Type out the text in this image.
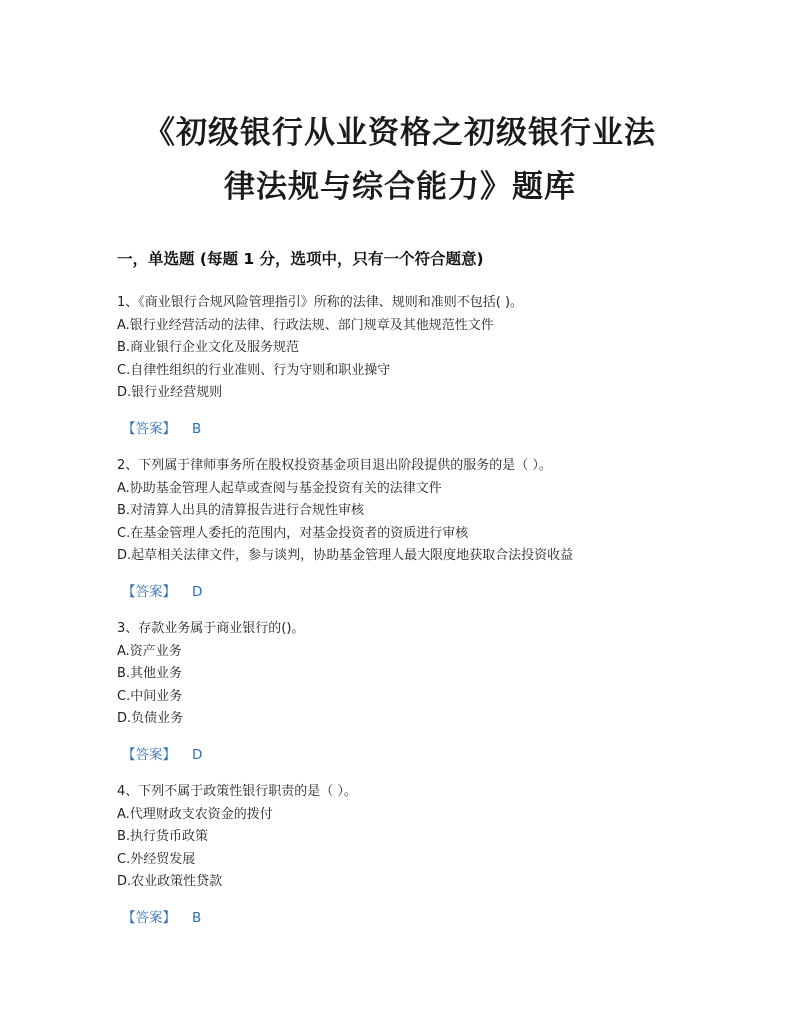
《初级银行从业资格之初级银行业法
律法规与综合能力》题库
一，单选题 (每题 1 分，选项中，只有一个符合题意)
1、《商业银行合规风险管理指引》所称的法律、规则和准则不包括( )。
A.银行业经营活动的法律、行政法规、部门规章及其他规范性文件
B.商业银行企业文化及服务规范
C.自律性组织的行业准则、行为守则和职业操守
D.银行业经营规则
【答案】 B
2、下列属于律师事务所在股权投资基金项目退出阶段提供的服务的是（ ）。
A.协助基金管理人起草或查阅与基金投资有关的法律文件
B.对清算人出具的清算报告进行合规性审核
C.在基金管理人委托的范围内，对基金投资者的资质进行审核
D.起草相关法律文件，参与谈判，协助基金管理人最大限度地获取合法投资收益
【答案】 D
3、存款业务属于商业银行的()。
A.资产业务
B.其他业务
C.中间业务
D.负债业务
【答案】 D
4、下列不属于政策性银行职责的是（ ）。
A.代理财政支农资金的拨付
B.执行货币政策
C.外经贸发展
D.农业政策性贷款
【答案】 B
